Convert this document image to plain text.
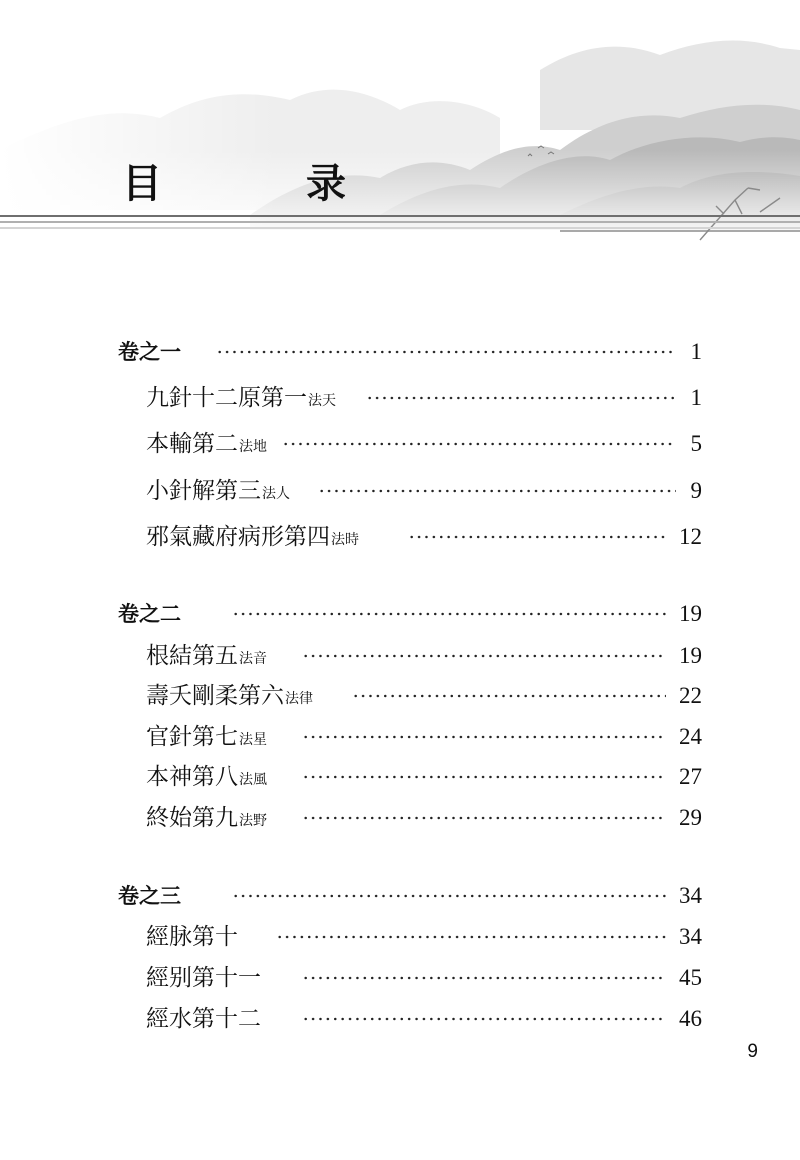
目　录
卷之一	1
九針十二原第一法天	1
本輸第二法地	5
小針解第三法人	9
邪氣藏府病形第四法時	12
卷之二	19
根結第五法音	19
壽夭剛柔第六法律	22
官針第七法星	24
本神第八法風	27
終始第九法野	29
卷之三	34
經脉第十	34
經别第十一	45
經水第十二	46
9
